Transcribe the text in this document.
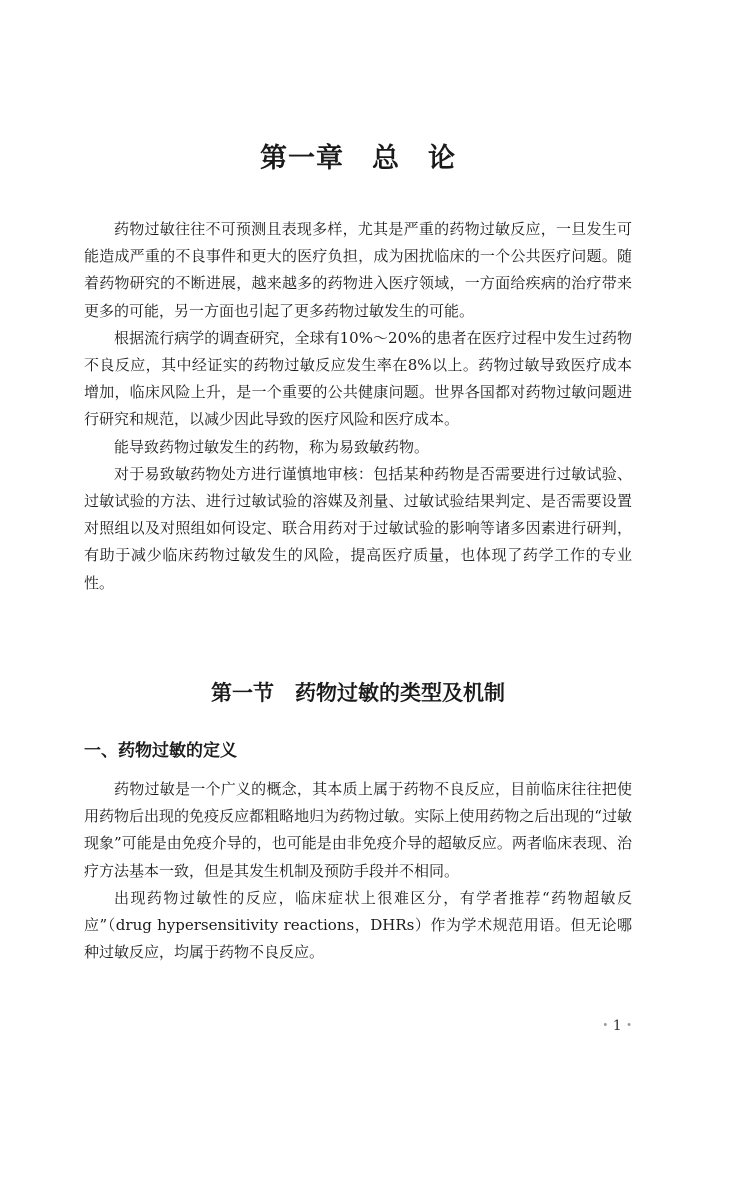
第一章　总　论

药物过敏往往不可预测且表现多样，尤其是严重的药物过敏反应，一旦发生可能造成严重的不良事件和更大的医疗负担，成为困扰临床的一个公共医疗问题。随着药物研究的不断进展，越来越多的药物进入医疗领域，一方面给疾病的治疗带来更多的可能，另一方面也引起了更多药物过敏发生的可能。

根据流行病学的调查研究，全球有10%～20%的患者在医疗过程中发生过药物不良反应，其中经证实的药物过敏反应发生率在8%以上。药物过敏导致医疗成本增加，临床风险上升，是一个重要的公共健康问题。世界各国都对药物过敏问题进行研究和规范，以减少因此导致的医疗风险和医疗成本。

能导致药物过敏发生的药物，称为易致敏药物。

对于易致敏药物处方进行谨慎地审核：包括某种药物是否需要进行过敏试验、过敏试验的方法、进行过敏试验的溶媒及剂量、过敏试验结果判定、是否需要设置对照组以及对照组如何设定、联合用药对于过敏试验的影响等诸多因素进行研判，有助于减少临床药物过敏发生的风险，提高医疗质量，也体现了药学工作的专业性。

第一节　药物过敏的类型及机制
一、药物过敏的定义

药物过敏是一个广义的概念，其本质上属于药物不良反应，目前临床往往把使用药物后出现的免疫反应都粗略地归为药物过敏。实际上使用药物之后出现的“过敏现象”可能是由免疫介导的，也可能是由非免疫介导的超敏反应。两者临床表现、治疗方法基本一致，但是其发生机制及预防手段并不相同。

出现药物过敏性的反应，临床症状上很难区分，有学者推荐“药物超敏反应”（drug hypersensitivity reactions，DHRs）作为学术规范用语。但无论哪种过敏反应，均属于药物不良反应。

• 1 •
